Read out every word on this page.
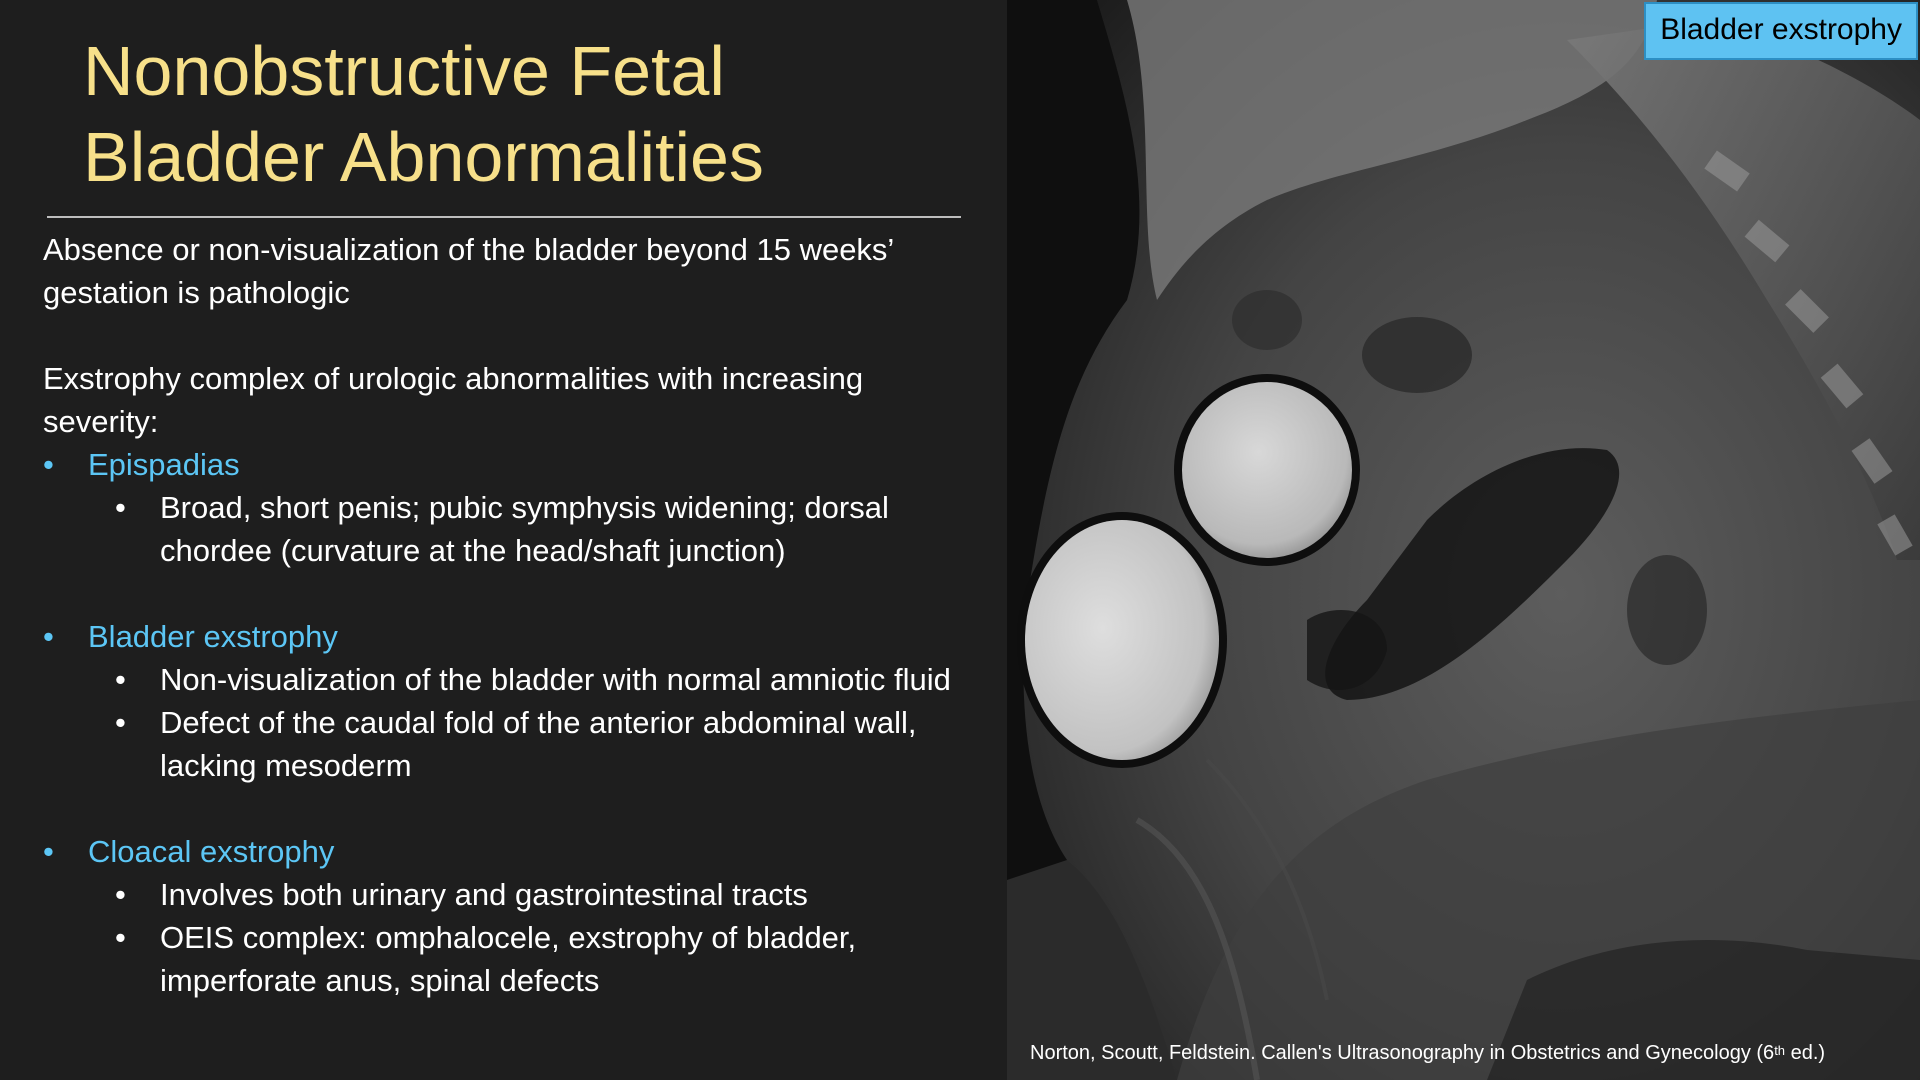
Nonobstructive Fetal
Bladder Abnormalities

Absence or non-visualization of the bladder beyond 15 weeks’ gestation is pathologic

Exstrophy complex of urologic abnormalities with increasing severity:

• Epispadias

• Broad, short penis; pubic symphysis widening; dorsal chordee (curvature at the head/shaft junction)

• Bladder exstrophy

• Non-visualization of the bladder with normal amniotic fluid

• Defect of the caudal fold of the anterior abdominal wall, lacking mesoderm

• Cloacal exstrophy

• Involves both urinary and gastrointestinal tracts

• OEIS complex: omphalocele, exstrophy of bladder, imperforate anus, spinal defects

Bladder exstrophy
Norton, Scoutt, Feldstein. Callen's Ultrasonography in Obstetrics and Gynecology (6th ed.)
